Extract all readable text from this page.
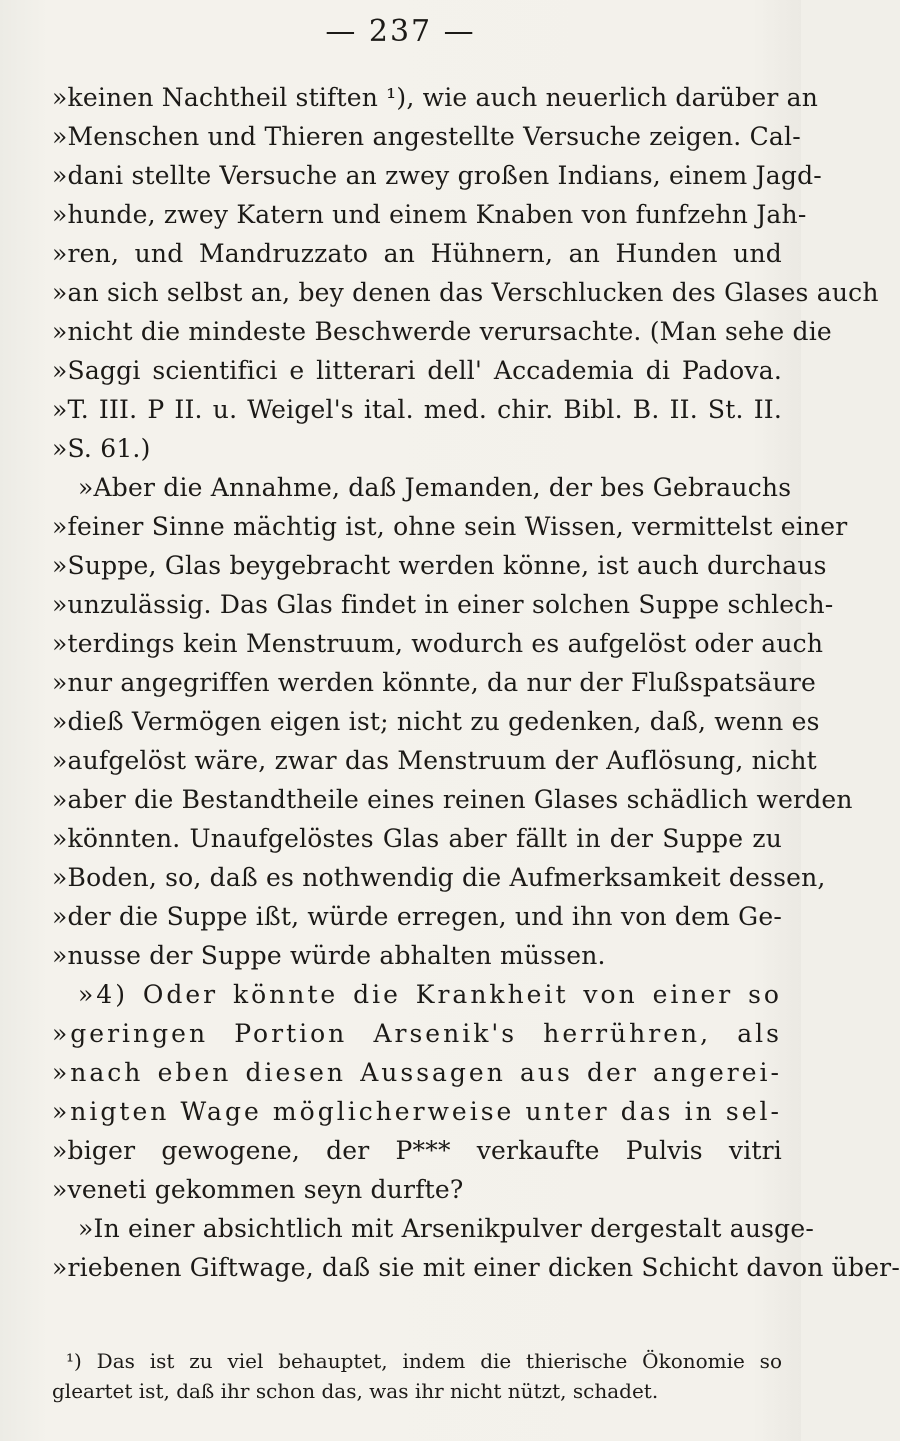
— 237 —
»keinen Nachtheil stiften ¹), wie auch neuerlich darüber an
»Menschen und Thieren angestellte Versuche zeigen. Cal-
»dani stellte Versuche an zwey großen Indians, einem Jagd-
»hunde, zwey Katern und einem Knaben von funfzehn Jah-
»ren, und Mandruzzato an Hühnern, an Hunden und
»an sich selbst an, bey denen das Verschlucken des Glases auch
»nicht die mindeste Beschwerde verursachte. (Man sehe die
»Saggi scientifici e litterari dell' Accademia di Padova.
»T. III. P II. u. Weigel's ital. med. chir. Bibl. B. II. St. II.
»S. 61.)
»Aber die Annahme, daß Jemanden, der bes Gebrauchs
»feiner Sinne mächtig ist, ohne sein Wissen, vermittelst einer
»Suppe, Glas beygebracht werden könne, ist auch durchaus
»unzulässig. Das Glas findet in einer solchen Suppe schlech-
»terdings kein Menstruum, wodurch es aufgelöst oder auch
»nur angegriffen werden könnte, da nur der Flußspatsäure
»dieß Vermögen eigen ist; nicht zu gedenken, daß, wenn es
»aufgelöst wäre, zwar das Menstruum der Auflösung, nicht
»aber die Bestandtheile eines reinen Glases schädlich werden
»könnten. Unaufgelöstes Glas aber fällt in der Suppe zu
»Boden, so, daß es nothwendig die Aufmerksamkeit dessen,
»der die Suppe ißt, würde erregen, und ihn von dem Ge-
»nusse der Suppe würde abhalten müssen.
»4) Oder könnte die Krankheit von einer so
»geringen Portion Arsenik's herrühren, als
»nach eben diesen Aussagen aus der angerei-
»nigten Wage möglicherweise unter das in sel-
»biger gewogene, der P*** verkaufte Pulvis vitri
»veneti gekommen seyn durfte?
»In einer absichtlich mit Arsenikpulver dergestalt ausge-
»riebenen Giftwage, daß sie mit einer dicken Schicht davon über-
¹) Das ist zu viel behauptet, indem die thierische Ökonomie so
gleartet ist, daß ihr schon das, was ihr nicht nützt, schadet.
